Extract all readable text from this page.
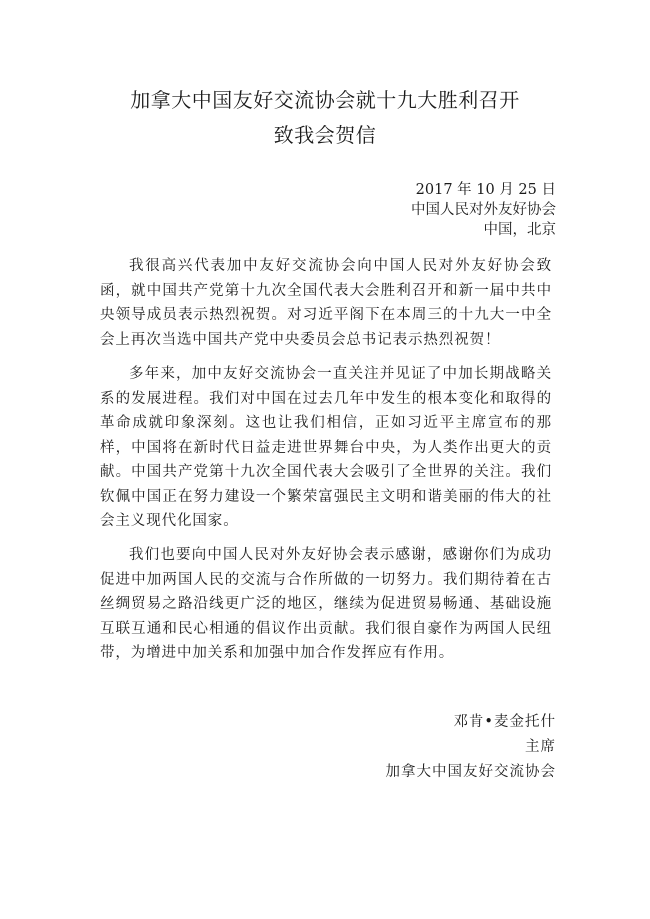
加拿大中国友好交流协会就十九大胜利召开
致我会贺信
2017 年 10 月 25 日
中国人民对外友好协会
中国，北京
我很高兴代表加中友好交流协会向中国人民对外友好协会致函，就中国共产党第十九次全国代表大会胜利召开和新一届中共中央领导成员表示热烈祝贺。对习近平阁下在本周三的十九大一中全会上再次当选中国共产党中央委员会总书记表示热烈祝贺！
多年来，加中友好交流协会一直关注并见证了中加长期战略关系的发展进程。我们对中国在过去几年中发生的根本变化和取得的革命成就印象深刻。这也让我们相信，正如习近平主席宣布的那样，中国将在新时代日益走进世界舞台中央，为人类作出更大的贡献。中国共产党第十九次全国代表大会吸引了全世界的关注。我们钦佩中国正在努力建设一个繁荣富强民主文明和谐美丽的伟大的社会主义现代化国家。
我们也要向中国人民对外友好协会表示感谢，感谢你们为成功促进中加两国人民的交流与合作所做的一切努力。我们期待着在古丝绸贸易之路沿线更广泛的地区，继续为促进贸易畅通、基础设施互联互通和民心相通的倡议作出贡献。我们很自豪作为两国人民纽带，为增进中加关系和加强中加合作发挥应有作用。
邓肯•麦金托什
主席
加拿大中国友好交流协会
